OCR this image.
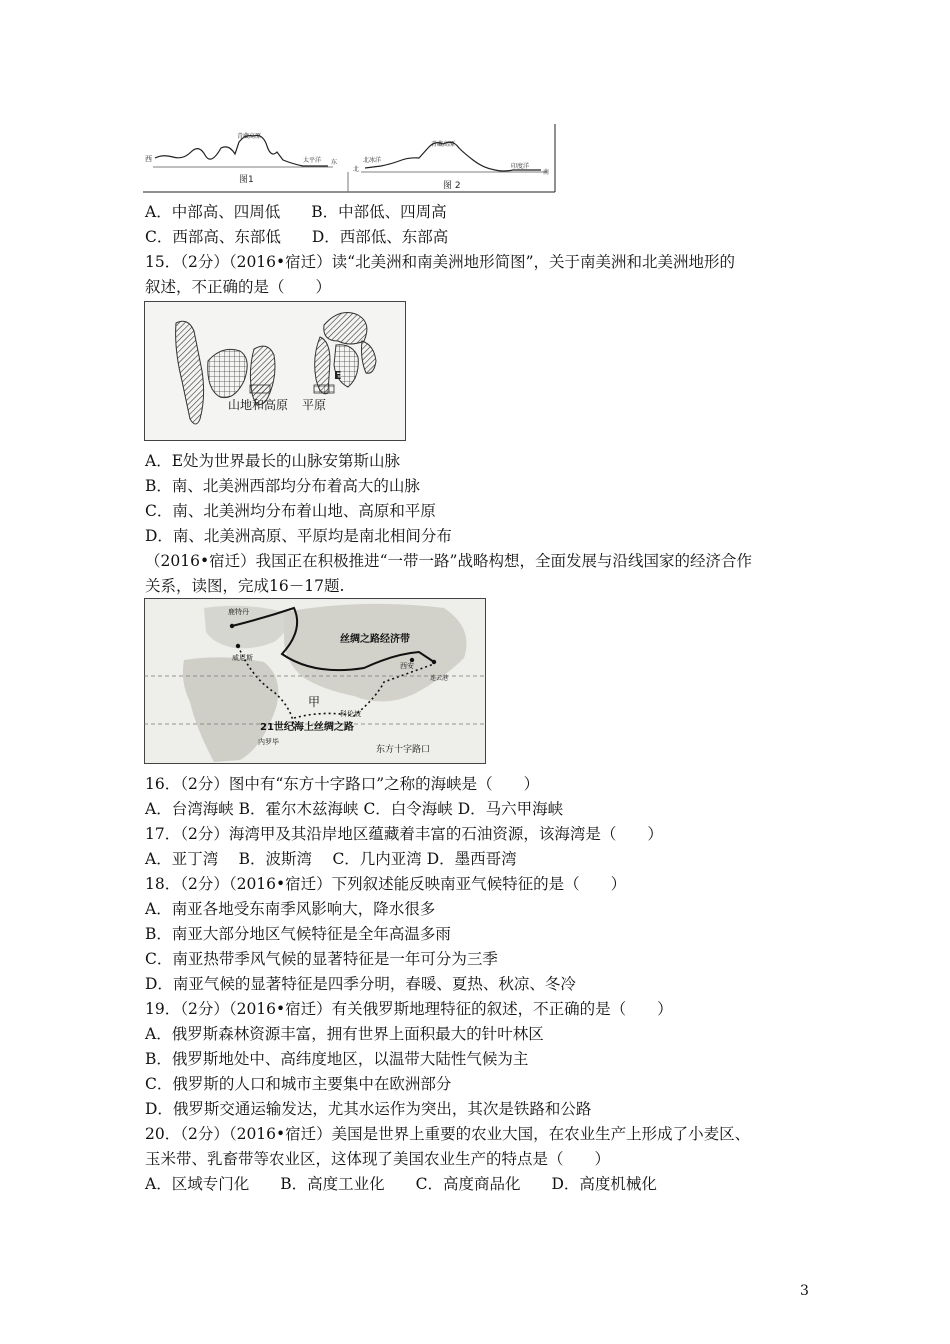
西
青藏高原
太平洋 东
图1
北
北冰洋
青藏高原
印度洋
南
图 2
A．中部高、四周低　　B．中部低、四周高
C．西部高、东部低　　D．西部低、东部高
15．（2分）（2016•宿迁）读“北美洲和南美洲地形简图”，关于南美洲和北美洲地形的
叙述，不正确的是（　　）
E
山地和高原 平原
A．E处为世界最长的山脉安第斯山脉
B．南、北美洲西部均分布着高大的山脉
C．南、北美洲均分布着山地、高原和平原
D．南、北美洲高原、平原均是南北相间分布
（2016•宿迁）我国正在积极推进“一带一路”战略构想，全面发展与沿线国家的经济合作
关系，读图，完成16－17题.
鹿特丹
威尼斯
丝绸之路经济带
西安
连云港
甲
科伦坡
21世纪海上丝绸之路
内罗毕
东方十字路口
16．（2分）图中有“东方十字路口”之称的海峡是（　　）
A．台湾海峡 B．霍尔木兹海峡 C．白令海峡 D．马六甲海峡
17．（2分）海湾甲及其沿岸地区蕴藏着丰富的石油资源，该海湾是（　　）
A．亚丁湾　 B．波斯湾　 C．几内亚湾 D．墨西哥湾
18．（2分）（2016•宿迁）下列叙述能反映南亚气候特征的是（　　）
A．南亚各地受东南季风影响大，降水很多
B．南亚大部分地区气候特征是全年高温多雨
C．南亚热带季风气候的显著特征是一年可分为三季
D．南亚气候的显著特征是四季分明，春暖、夏热、秋凉、冬冷
19．（2分）（2016•宿迁）有关俄罗斯地理特征的叙述，不正确的是（　　）
A．俄罗斯森林资源丰富，拥有世界上面积最大的针叶林区
B．俄罗斯地处中、高纬度地区，以温带大陆性气候为主
C．俄罗斯的人口和城市主要集中在欧洲部分
D．俄罗斯交通运输发达，尤其水运作为突出，其次是铁路和公路
20．（2分）（2016•宿迁）美国是世界上重要的农业大国，在农业生产上形成了小麦区、
玉米带、乳畜带等农业区，这体现了美国农业生产的特点是（　　）
A．区域专门化　　B．高度工业化　　C．高度商品化　　D．高度机械化
3
